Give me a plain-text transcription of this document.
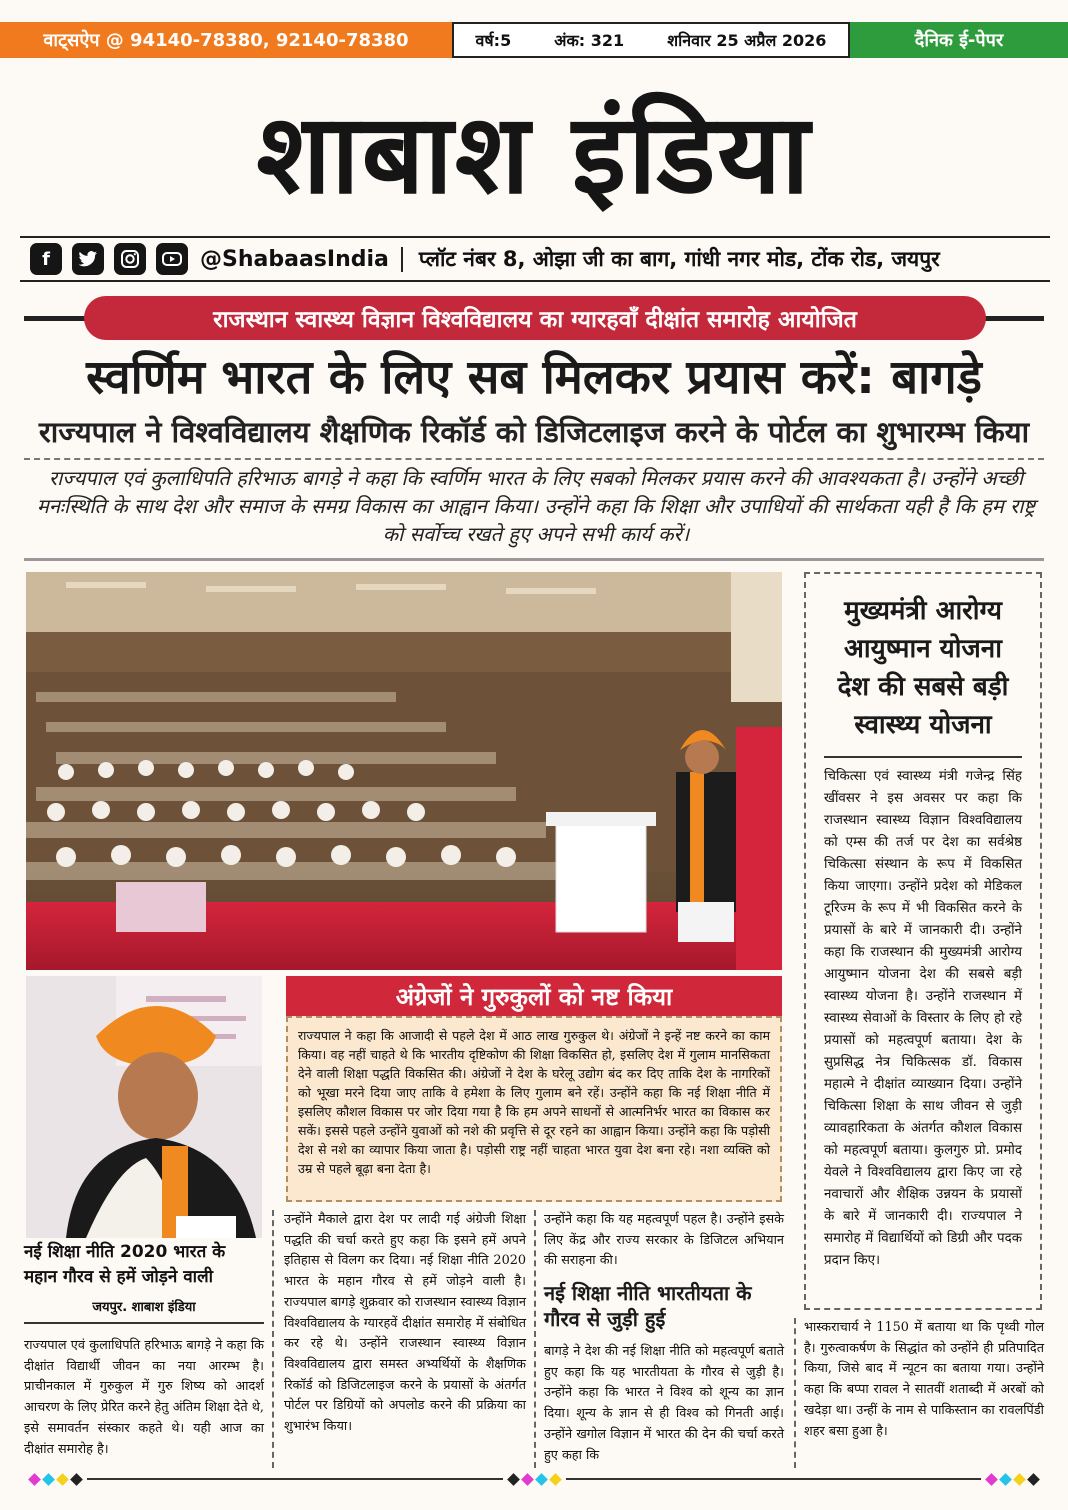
वाट्सऐप @ 94140-78380, 92140-78380	वर्ष:5	अंक: 321	शनिवार 25 अप्रैल 2026	दैनिक ई-पेपर
शाबाश इंडिया
f	@ShabaasIndia	प्लॉट नंबर 8, ओझा जी का बाग, गांधी नगर मोड, टोंक रोड, जयपुर
राजस्थान स्वास्थ्य विज्ञान विश्वविद्यालय का ग्यारहवाँ दीक्षांत समारोह आयोजित
स्वर्णिम भारत के लिए सब मिलकर प्रयास करें: बागड़े
राज्यपाल ने विश्वविद्यालय शैक्षणिक रिकॉर्ड को डिजिटलाइज करने के पोर्टल का शुभारम्भ किया

राज्यपाल एवं कुलाधिपति हरिभाऊ बागड़े ने कहा कि स्वर्णिम भारत के लिए सबको मिलकर प्रयास करने की आवश्यकता है। उन्होंने अच्छी मनःस्थिति के साथ देश और समाज के समग्र विकास का आह्वान किया। उन्होंने कहा कि शिक्षा और उपाधियों की सार्थकता यही है कि हम राष्ट्र को सर्वोच्च रखते हुए अपने सभी कार्य करें।

मुख्यमंत्री आरोग्य आयुष्मान योजना देश की सबसे बड़ी स्वास्थ्य योजना

चिकित्सा एवं स्वास्थ्य मंत्री गजेन्द्र सिंह खींवसर ने इस अवसर पर कहा कि राजस्थान स्वास्थ्य विज्ञान विश्वविद्यालय को एम्स की तर्ज पर देश का सर्वश्रेष्ठ चिकित्सा संस्थान के रूप में विकसित किया जाएगा। उन्होंने प्रदेश को मेडिकल टूरिज्म के रूप में भी विकसित करने के प्रयासों के बारे में जानकारी दी। उन्होंने कहा कि राजस्थान की मुख्यमंत्री आरोग्य आयुष्मान योजना देश की सबसे बड़ी स्वास्थ्य योजना है। उन्होंने राजस्थान में स्वास्थ्य सेवाओं के विस्तार के लिए हो रहे प्रयासों को महत्वपूर्ण बताया। देश के सुप्रसिद्ध नेत्र चिकित्सक डॉ. विकास महात्मे ने दीक्षांत व्याख्यान दिया। उन्होंने चिकित्सा शिक्षा के साथ जीवन से जुड़ी व्यावहारिकता के अंतर्गत कौशल विकास को महत्वपूर्ण बताया। कुलगुरु प्रो. प्रमोद येवले ने विश्वविद्यालय द्वारा किए जा रहे नवाचारों और शैक्षिक उन्नयन के प्रयासों के बारे में जानकारी दी। राज्यपाल ने समारोह में विद्यार्थियों को डिग्री और पदक प्रदान किए।

नई शिक्षा नीति 2020 भारत के महान गौरव से हमें जोड़ने वाली
जयपुर. शाबाश इंडिया
अंग्रेजों ने गुरुकुलों को नष्ट किया
राज्यपाल ने कहा कि आजादी से पहले देश में आठ लाख गुरुकुल थे। अंग्रेजों ने इन्हें नष्ट करने का काम किया। वह नहीं चाहते थे कि भारतीय दृष्टिकोण की शिक्षा विकसित हो, इसलिए देश में गुलाम मानसिकता देने वाली शिक्षा पद्धति विकसित की। अंग्रेजों ने देश के घरेलू उद्योग बंद कर दिए ताकि देश के नागरिकों को भूखा मरने दिया जाए ताकि वे हमेशा के लिए गुलाम बने रहें। उन्होंने कहा कि नई शिक्षा नीति में इसलिए कौशल विकास पर जोर दिया गया है कि हम अपने साधनों से आत्मनिर्भर भारत का विकास कर सकें। इससे पहले उन्होंने युवाओं को नशे की प्रवृत्ति से दूर रहने का आह्वान किया। उन्होंने कहा कि पड़ोसी देश से नशे का व्यापार किया जाता है। पड़ोसी राष्ट्र नहीं चाहता भारत युवा देश बना रहे। नशा व्यक्ति को उम्र से पहले बूढ़ा बना देता है।

राज्यपाल एवं कुलाधिपति हरिभाऊ बागड़े ने कहा कि दीक्षांत विद्यार्थी जीवन का नया आरम्भ है। प्राचीनकाल में गुरुकुल में गुरु शिष्य को आदर्श आचरण के लिए प्रेरित करने हेतु अंतिम शिक्षा देते थे, इसे समावर्तन संस्कार कहते थे। यही आज का दीक्षांत समारोह है।

उन्होंने मैकाले द्वारा देश पर लादी गई अंग्रेजी शिक्षा पद्धति की चर्चा करते हुए कहा कि इसने हमें अपने इतिहास से विलग कर दिया। नई शिक्षा नीति 2020 भारत के महान गौरव से हमें जोड़ने वाली है। राज्यपाल बागड़े शुक्रवार को राजस्थान स्वास्थ्य विज्ञान विश्वविद्यालय के ग्यारहवें दीक्षांत समारोह में संबोधित कर रहे थे। उन्होंने राजस्थान स्वास्थ्य विज्ञान विश्वविद्यालय द्वारा समस्त अभ्यर्थियों के शैक्षणिक रिकॉर्ड को डिजिटलाइज करने के प्रयासों के अंतर्गत पोर्टल पर डिग्रियों को अपलोड करने की प्रक्रिया का शुभारंभ किया।

उन्होंने कहा कि यह महत्वपूर्ण पहल है। उन्होंने इसके लिए केंद्र और राज्य सरकार के डिजिटल अभियान की सराहना की।

नई शिक्षा नीति भारतीयता के गौरव से जुड़ी हुई

बागड़े ने देश की नई शिक्षा नीति को महत्वपूर्ण बताते हुए कहा कि यह भारतीयता के गौरव से जुड़ी है। उन्होंने कहा कि भारत ने विश्व को शून्य का ज्ञान दिया। शून्य के ज्ञान से ही विश्व को गिनती आई। उन्होंने खगोल विज्ञान में भारत की देन की चर्चा करते हुए कहा कि

भास्कराचार्य ने 1150 में बताया था कि पृथ्वी गोल है। गुरुत्वाकर्षण के सिद्धांत को उन्होंने ही प्रतिपादित किया, जिसे बाद में न्यूटन का बताया गया। उन्होंने कहा कि बप्पा रावल ने सातवीं शताब्दी में अरबों को खदेड़ा था। उन्हीं के नाम से पाकिस्तान का रावलपिंडी शहर बसा हुआ है।
